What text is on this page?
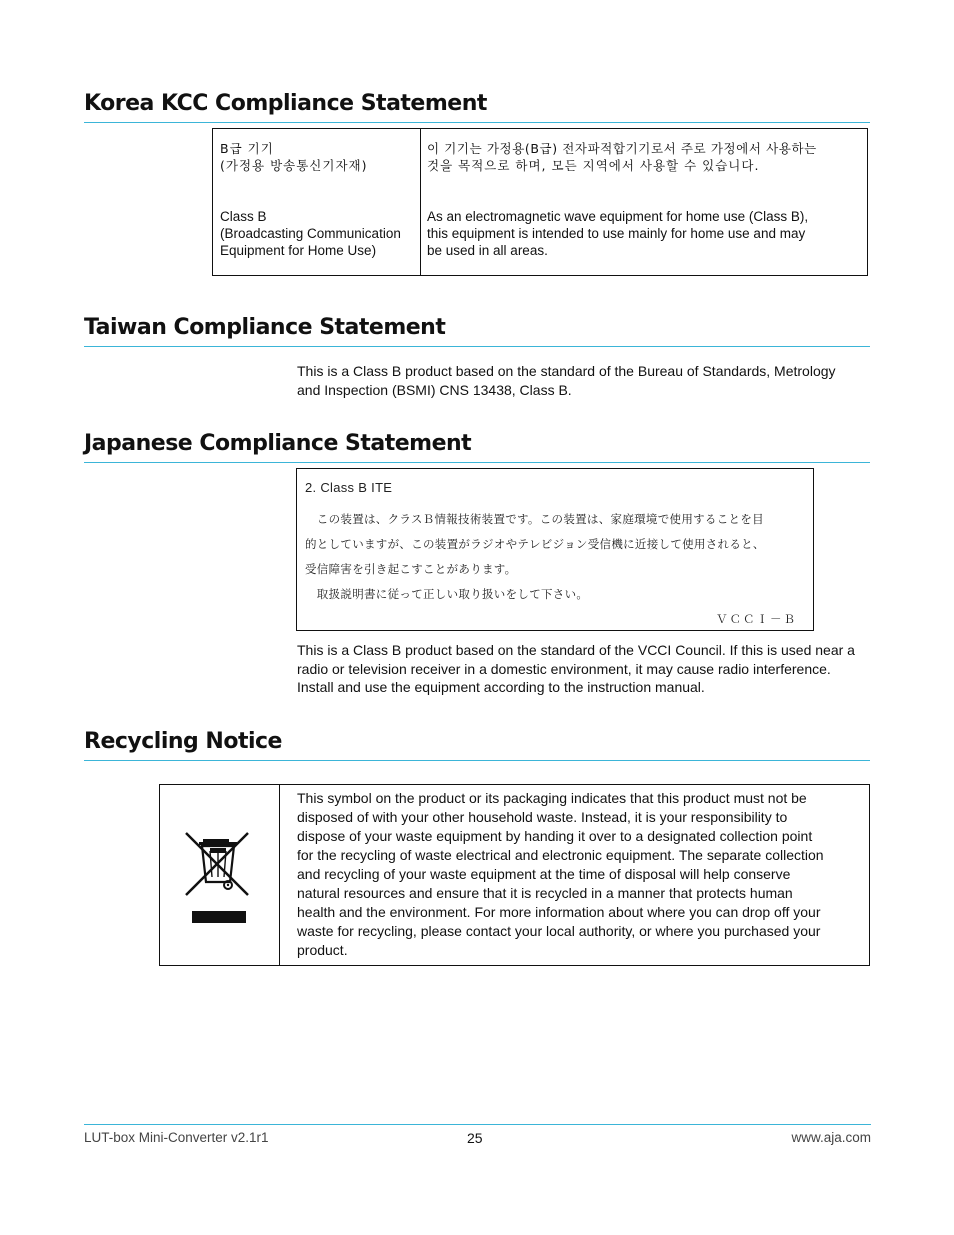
Korea KCC Compliance Statement
B급 기기
(가정용 방송통신기자재)
이 기기는 가정용(B급) 전자파적합기기로서 주로 가정에서 사용하는
것을 목적으로 하며, 모든 지역에서 사용할 수 있습니다.
Class B
(Broadcasting Communication
Equipment for Home Use)
As an electromagnetic wave equipment for home use (Class B),
this equipment is intended to use mainly for home use and may
be used in all areas.
Taiwan Compliance Statement
This is a Class B product based on the standard of the Bureau of Standards, Metrology
and Inspection (BSMI) CNS 13438, Class B.
Japanese Compliance Statement
2. Class B ITE
　この装置は、クラスＢ情報技術装置です。この装置は、家庭環境で使用することを目
的としていますが、この装置がラジオやテレビジョン受信機に近接して使用されると、
受信障害を引き起こすことがあります。
　取扱説明書に従って正しい取り扱いをして下さい。
ＶＣＣＩ－Ｂ
This is a Class B product based on the standard of the VCCI Council. If this is used near a
radio or television receiver in a domestic environment, it may cause radio interference.
Install and use the equipment according to the instruction manual.
Recycling Notice
This symbol on the product or its packaging indicates that this product must not be
disposed of with your other household waste. Instead, it is your responsibility to
dispose of your waste equipment by handing it over to a designated collection point
for the recycling of waste electrical and electronic equipment. The separate collection
and recycling of your waste equipment at the time of disposal will help conserve
natural resources and ensure that it is recycled in a manner that protects human
health and the environment. For more information about where you can drop off your
waste for recycling, please contact your local authority, or where you purchased your
product.
LUT-box Mini-Converter v2.1r1	25	www.aja.com
